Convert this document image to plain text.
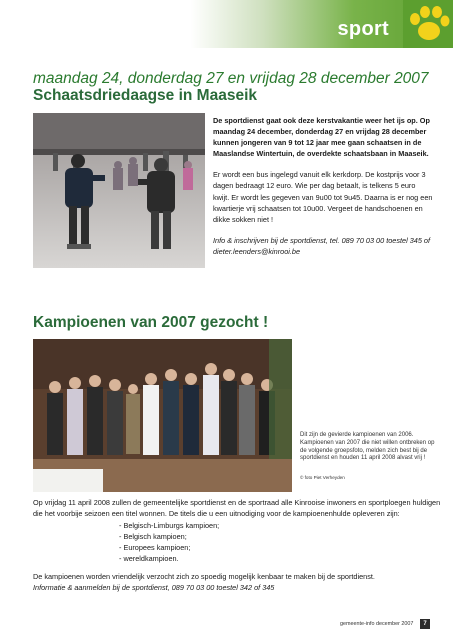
sport
maandag 24, donderdag 27 en vrijdag 28 december 2007
Schaatsdriedaagse in Maaseik

De sportdienst gaat ook deze kerstvakantie weer het ijs op. Op maandag 24 december, donderdag 27 en vrijdag 28 december kunnen jongeren van 9 tot 12 jaar mee gaan schaatsen in de Maaslandse Wintertuin, de overdekte schaatsbaan in Maaseik.

Er wordt een bus ingelegd vanuit elk kerkdorp. De kostprijs voor 3 dagen bedraagt 12 euro. Wie per dag betaalt, is telkens 5 euro kwijt. Er wordt les gegeven van 9u00 tot 9u45. Daarna is er nog een kwartierje vrij schaatsen tot 10u00. Vergeet de handschoenen en dikke sokken niet !

Info & inschrijven bij de sportdienst, tel. 089 70 03 00 toestel 345 of dieter.leenders@kinrooi.be

Kampioenen van 2007 gezocht !
Dit zijn de gevierde kampioenen van 2006. Kampioenen van 2007 die niet willen ontbreken op de volgende groepsfoto, melden zich best bij de sportdienst en houden 11 april 2008 alvast vrij !
© foto Piet Verheyden
Op vrijdag 11 april 2008 zullen de gemeentelijke sportdienst en de sportraad alle Kinrooise inwoners en sportploegen huldigen die het voorbije seizoen een titel wonnen. De titels die u een uitnodiging voor de kampioenenhulde opleveren zijn:
- Belgisch-Limburgs kampioen;
- Belgisch kampioen;
- Europees kampioen;
- wereldkampioen.

De kampioenen worden vriendelijk verzocht zich zo spoedig mogelijk kenbaar te maken bij de sportdienst.

Informatie & aanmelden bij de sportdienst, 089 70 03 00 toestel 342 of 345
gemeente-info december 2007	7
